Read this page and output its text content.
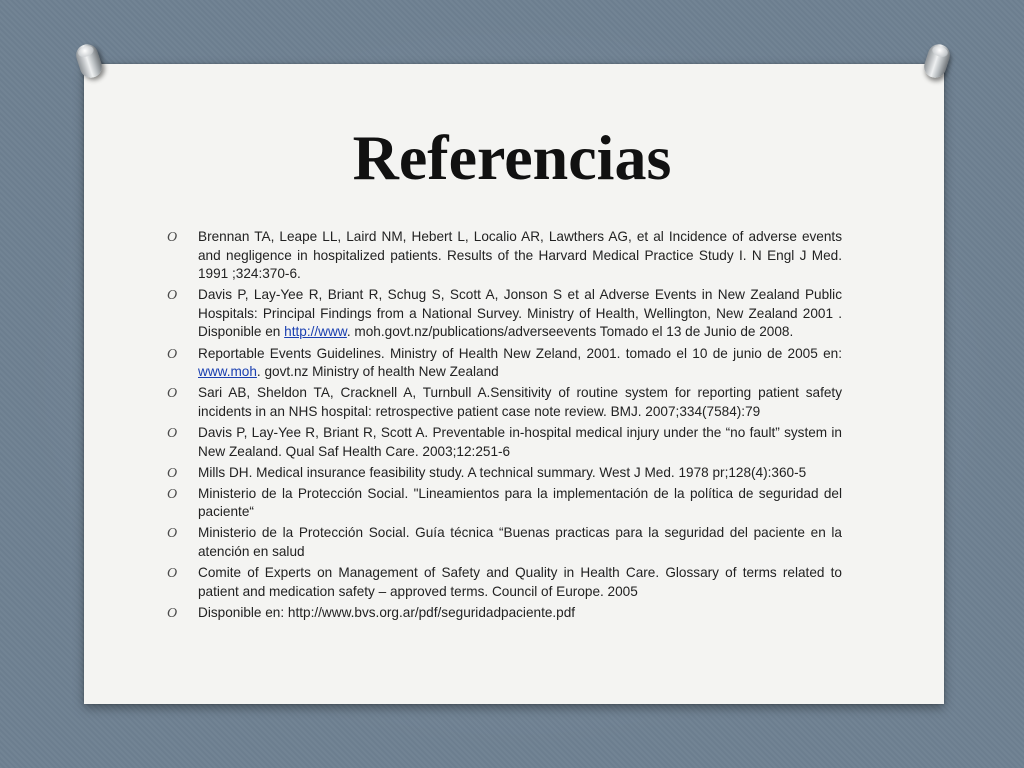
Referencias
O Brennan TA, Leape LL, Laird NM, Hebert L, Localio AR, Lawthers AG, et al Incidence of adverse events and negligence in hospitalized patients. Results of the Harvard Medical Practice Study I. N Engl J Med. 1991 ;324:370-6.
O Davis P, Lay-Yee R, Briant R, Schug S, Scott A, Jonson S et al Adverse Events in New Zealand Public Hospitals: Principal Findings from a National Survey. Ministry of Health, Wellington, New Zealand 2001 . Disponible en http://www. moh.govt.nz/publications/adverseevents Tomado el 13 de Junio de 2008.
O Reportable Events Guidelines. Ministry of Health New Zeland, 2001. tomado el 10 de junio de 2005 en: www.moh. govt.nz Ministry of health New Zealand
O Sari AB, Sheldon TA, Cracknell A, Turnbull A.Sensitivity of routine system for reporting patient safety incidents in an NHS hospital: retrospective patient case note review. BMJ. 2007;334(7584):79
O Davis P, Lay-Yee R, Briant R, Scott A. Preventable in-hospital medical injury under the “no fault” system in New Zealand. Qual Saf Health Care. 2003;12:251-6
O Mills DH. Medical insurance feasibility study. A technical summary. West J Med. 1978 pr;128(4):360-5
O Ministerio de la Protección Social. "Lineamientos para la implementación de la política de seguridad del paciente“
O Ministerio de la Protección Social. Guía técnica “Buenas practicas para la seguridad del paciente en la atención en salud
O Comite of Experts on Management of Safety and Quality in Health Care. Glossary of terms related to patient and medication safety – approved terms. Council of Europe. 2005
O Disponible en: http://www.bvs.org.ar/pdf/seguridadpaciente.pdf
